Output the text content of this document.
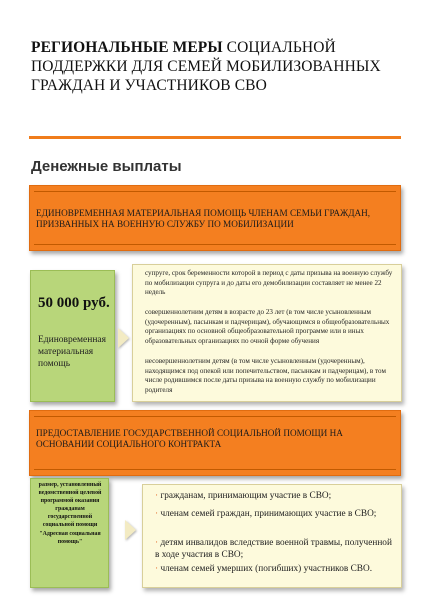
РЕГИОНАЛЬНЫЕ МЕРЫ СОЦИАЛЬНОЙ ПОДДЕРЖКИ ДЛЯ СЕМЕЙ МОБИЛИЗОВАННЫХ ГРАЖДАН И УЧАСТНИКОВ СВО
Денежные выплаты
ЕДИНОВРЕМЕННАЯ МАТЕРИАЛЬНАЯ ПОМОЩЬ ЧЛЕНАМ СЕМЬИ ГРАЖДАН, ПРИЗВАННЫХ НА ВОЕННУЮ СЛУЖБУ ПО МОБИЛИЗАЦИИ
50 000 руб.
Единовременная материальная помощь
супруге, срок беременности которой в период с даты призыва на военную службу по мобилизации супруга и до даты его демобилизации составляет не менее 22 недель
совершеннолетним детям в возрасте до 23 лет (в том числе усыновленным (удочеренным), пасынкам и падчерицам), обучающимся в общеобразовательных организациях по основной общеобразовательной программе или в иных образовательных организациях по очной форме обучения
несовершеннолетним детям (в том числе усыновленным (удочеренным), находящимся под опекой или попечительством, пасынкам и падчерицам), в том числе родившимся после даты призыва на военную службу по мобилизации родителя
ПРЕДОСТАВЛЕНИЕ ГОСУДАРСТВЕННОЙ СОЦИАЛЬНОЙ ПОМОЩИ НА ОСНОВАНИИ СОЦИАЛЬНОГО КОНТРАКТА
размер, установленный ведомственной целевой программой оказания гражданам государственной социальной помощи "Адресная социальная помощь"
· гражданам, принимающим участие в СВО;
· членам семей граждан, принимающих участие в СВО;
· детям инвалидов вследствие военной травмы, полученной в ходе участия в СВО;
· членам семей умерших (погибших) участников СВО.
